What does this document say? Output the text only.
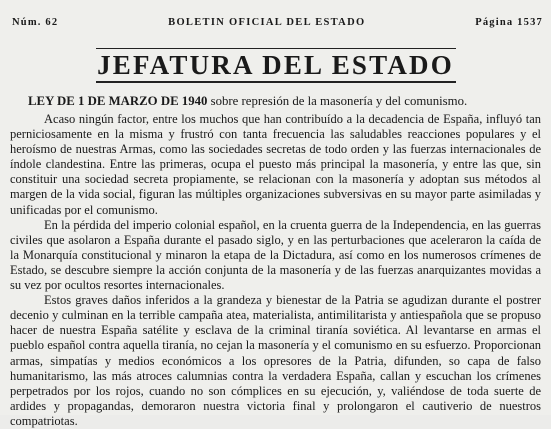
Núm. 62	BOLETIN OFICIAL DEL ESTADO	Página 1537
JEFATURA DEL ESTADO
LEY DE 1 DE MARZO DE 1940 sobre represión de la masonería y del comunismo.

Acaso ningún factor, entre los muchos que han contribuído a la decadencia de España, influyó tan perniciosamente en la misma y frustró con tanta frecuencia las saludables reacciones populares y el heroísmo de nuestras Armas, como las sociedades secretas de todo orden y las fuerzas internacionales de índole clandestina. Entre las primeras, ocupa el puesto más principal la masonería, y entre las que, sin constituir una sociedad secreta propiamente, se relacionan con la masonería y adoptan sus métodos al margen de la vida social, figuran las múltiples organizaciones subversivas en su mayor parte asimiladas y unificadas por el comunismo.

En la pérdida del imperio colonial español, en la cruenta guerra de la Independencia, en las guerras civiles que asolaron a España durante el pasado siglo, y en las perturbaciones que aceleraron la caída de la Monarquía constitucional y minaron la etapa de la Dictadura, así como en los numerosos crímenes de Estado, se descubre siempre la acción conjunta de la masonería y de las fuerzas anarquizantes movidas a su vez por ocultos resortes internacionales.

Estos graves daños inferidos a la grandeza y bienestar de la Patria se agudizan durante el postrer decenio y culminan en la terrible campaña atea, materialista, antimilitarista y antiespañola que se propuso hacer de nuestra España satélite y esclava de la criminal tiranía soviética. Al levantarse en armas el pueblo español contra aquella tiranía, no cejan la masonería y el comunismo en su esfuerzo. Proporcionan armas, simpatías y medios económicos a los opresores de la Patria, difunden, so capa de falso humanitarismo, las más atroces calumnias contra la verdadera España, callan y escuchan los crímenes perpetrados por los rojos, cuando no son cómplices en su ejecución, y, valiéndose de toda suerte de ardides y propagandas, demoraron nuestra victoria final y prolongaron el cautiverio de nuestros compatriotas.
